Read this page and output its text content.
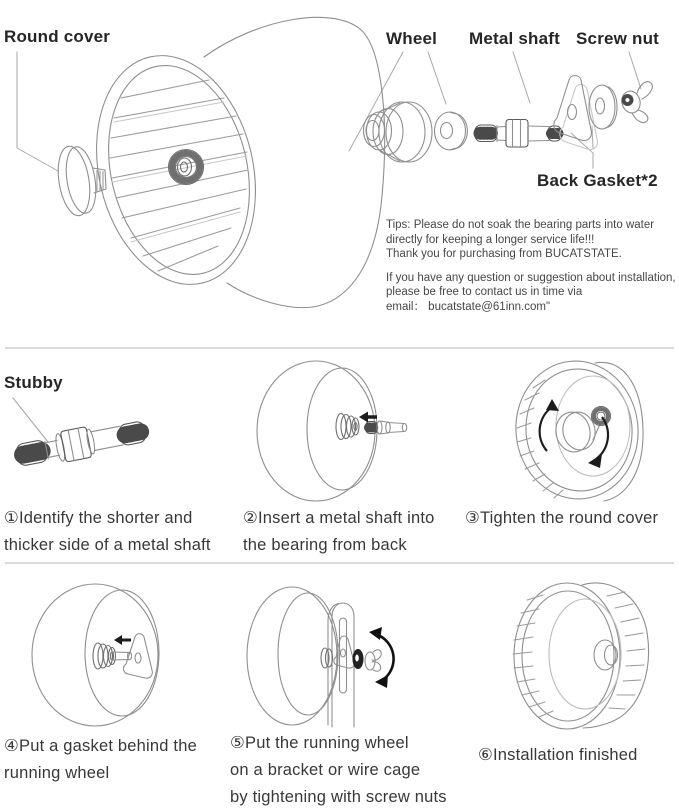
Round cover	Wheel Metal shaft Screw nut
Back Gasket*2
Tips: Please do not soak the bearing parts into water
directly for keeping a longer service life!!!
Thank you for purchasing from BUCATSTATE.
If you have any question or suggestion about installation,
please be free to contact us in time via
email： bucatstate@61inn.com"
Stubby
①Identify the shorter and
thicker side of a metal shaft
②Insert a metal shaft into
the bearing from back
③Tighten the round cover
④Put a gasket behind the
running wheel
⑤Put the running wheel
on a bracket or wire cage
by tightening with screw nuts
⑥Installation finished
